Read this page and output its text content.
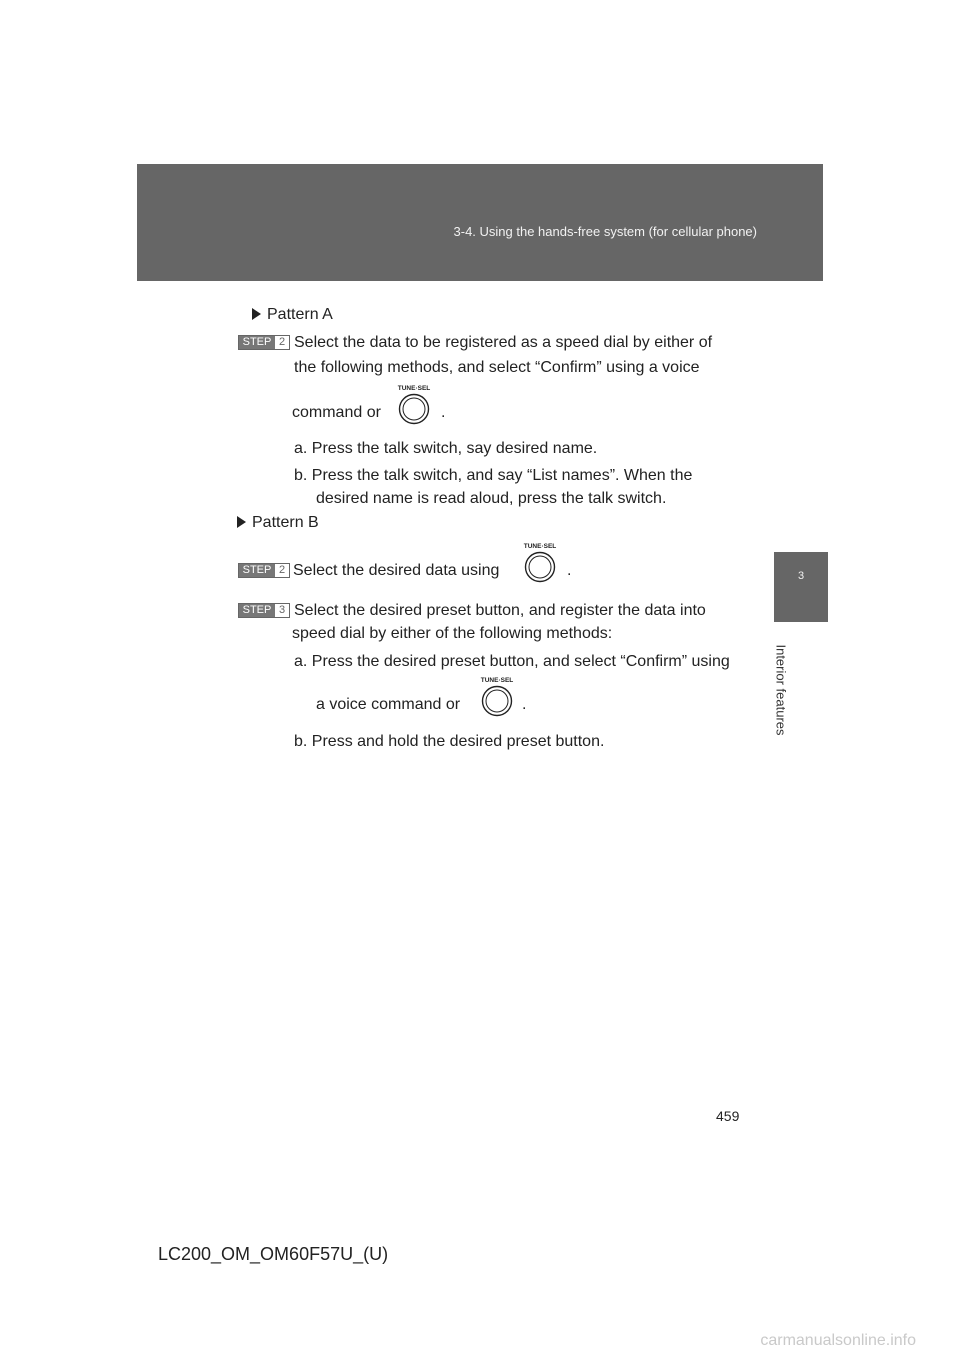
3-4. Using the hands-free system (for cellular phone)
3
Interior features
Pattern A
STEP 2 Select the data to be registered as a speed dial by either of
the following methods, and select “Confirm” using a voice
command or
TUNE·SEL
.
a. Press the talk switch, say desired name.
b. Press the talk switch, and say “List names”. When the
desired name is read aloud, press the talk switch.
Pattern B
STEP 2 Select the desired data using
TUNE·SEL
.
STEP 3 Select the desired preset button, and register the data into
speed dial by either of the following methods:
a. Press the desired preset button, and select “Confirm” using
a voice command or
TUNE·SEL
.
b. Press and hold the desired preset button.
459
LC200_OM_OM60F57U_(U)
carmanualsonline.info
